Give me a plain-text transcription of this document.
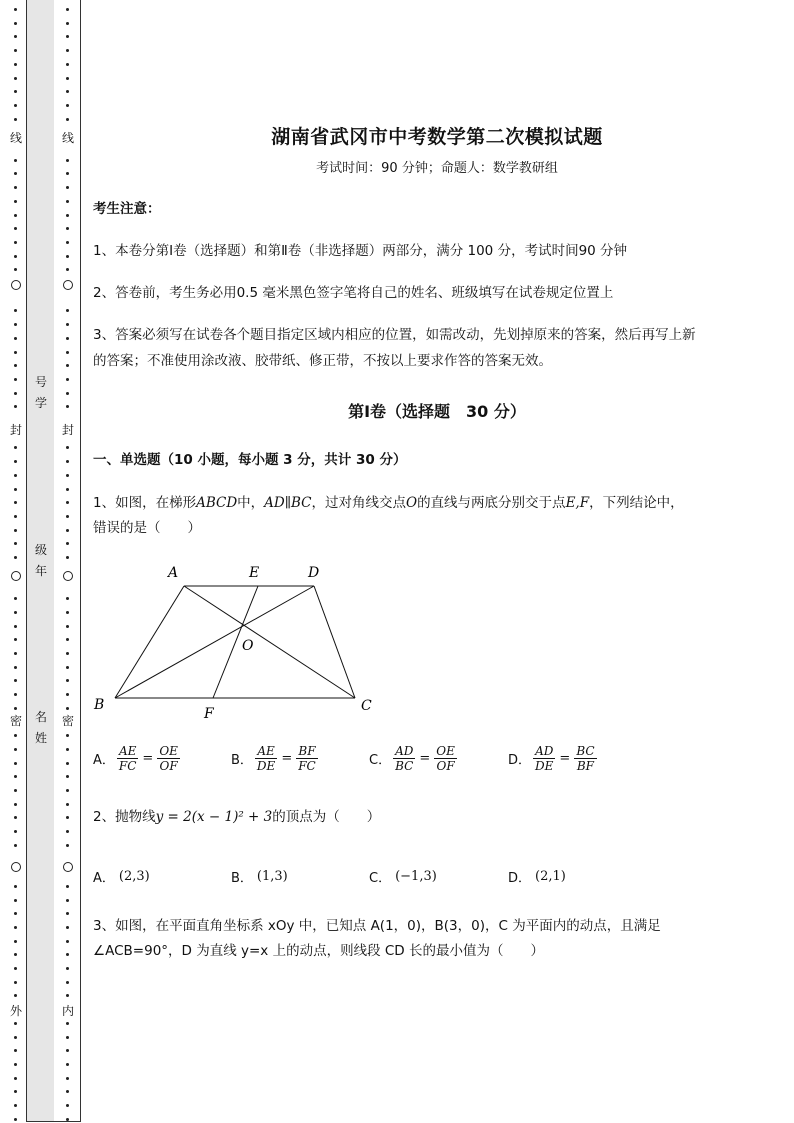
线
封
密
外
号
学
级
年
名
姓
线
封
密
内
湖南省武冈市中考数学第二次模拟试题
考试时间：90 分钟；命题人：数学教研组
考生注意：
1、本卷分第Ⅰ卷（选择题）和第Ⅱ卷（非选择题）两部分，满分 100 分，考试时间90 分钟
2、答卷前，考生务必用0.5 毫米黑色签字笔将自己的姓名、班级填写在试卷规定位置上
3、答案必须写在试卷各个题目指定区域内相应的位置，如需改动，先划掉原来的答案，然后再写上新
的答案；不准使用涂改液、胶带纸、修正带，不按以上要求作答的答案无效。
第Ⅰ卷（选择题　30 分）
一、单选题（10 小题，每小题 3 分，共计 30 分）
1、如图，在梯形ABCD中，AD∥BC，过对角线交点O的直线与两底分别交于点E,F，下列结论中，
错误的是（　　）
A	E	D
O
B
F	C
A． $\frac{AE}{FC} = \frac{OE}{OF}$	B． $\frac{AE}{DE} = \frac{BF}{FC}$	C． $\frac{AD}{BC} = \frac{OE}{OF}$	D． $\frac{AD}{DE} = \frac{BC}{BF}$
2、抛物线y = 2(x − 1)² + 3的顶点为（　　）
A． (2,3)	B． (1,3)	C． (−1,3)	D． (2,1)
3、如图，在平面直角坐标系 xOy 中，已知点 A(1，0)，B(3，0)，C 为平面内的动点，且满足
∠ACB=90°，D 为直线 y=x 上的动点，则线段 CD 长的最小值为（　　）
